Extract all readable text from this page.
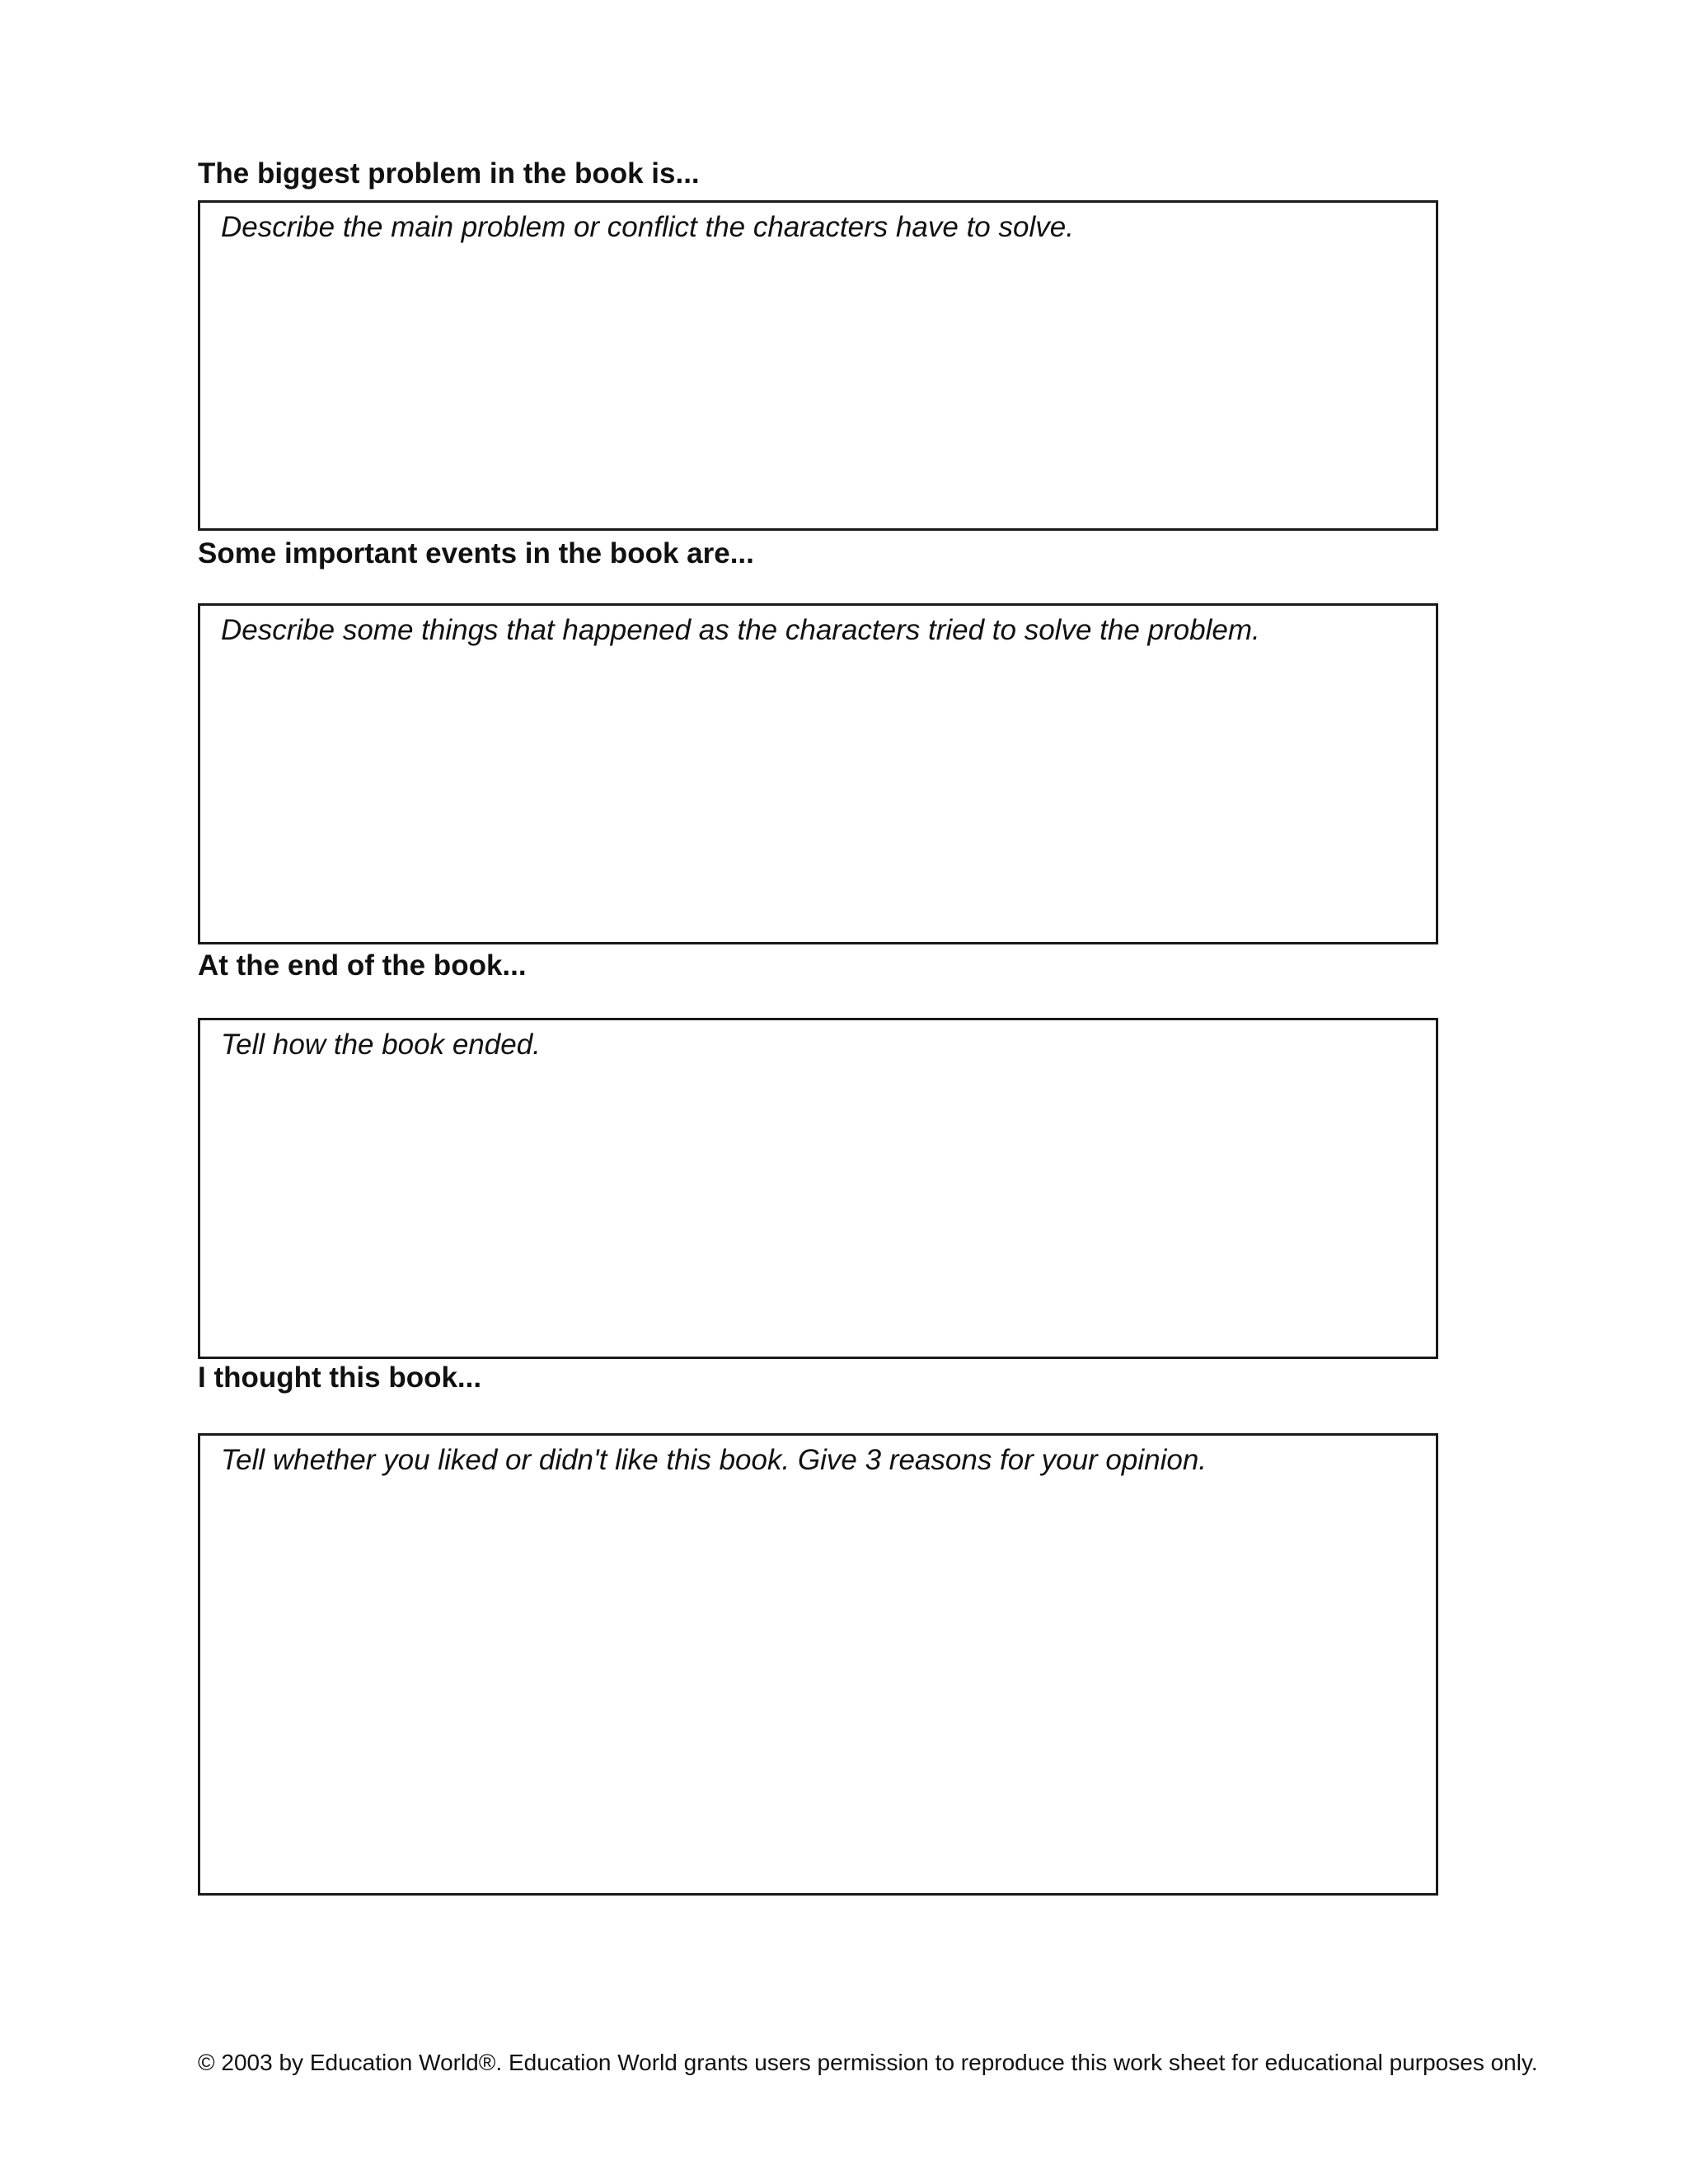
The biggest problem in the book is...
Describe the main problem or conflict the characters have to solve.
Some important events in the book are...
Describe some things that happened as the characters tried to solve the problem.
At the end of the book...
Tell how the book ended.
I thought this book...
Tell whether you liked or didn't like this book. Give 3 reasons for your opinion.
© 2003 by Education World®. Education World grants users permission to reproduce this work sheet for educational purposes only.
